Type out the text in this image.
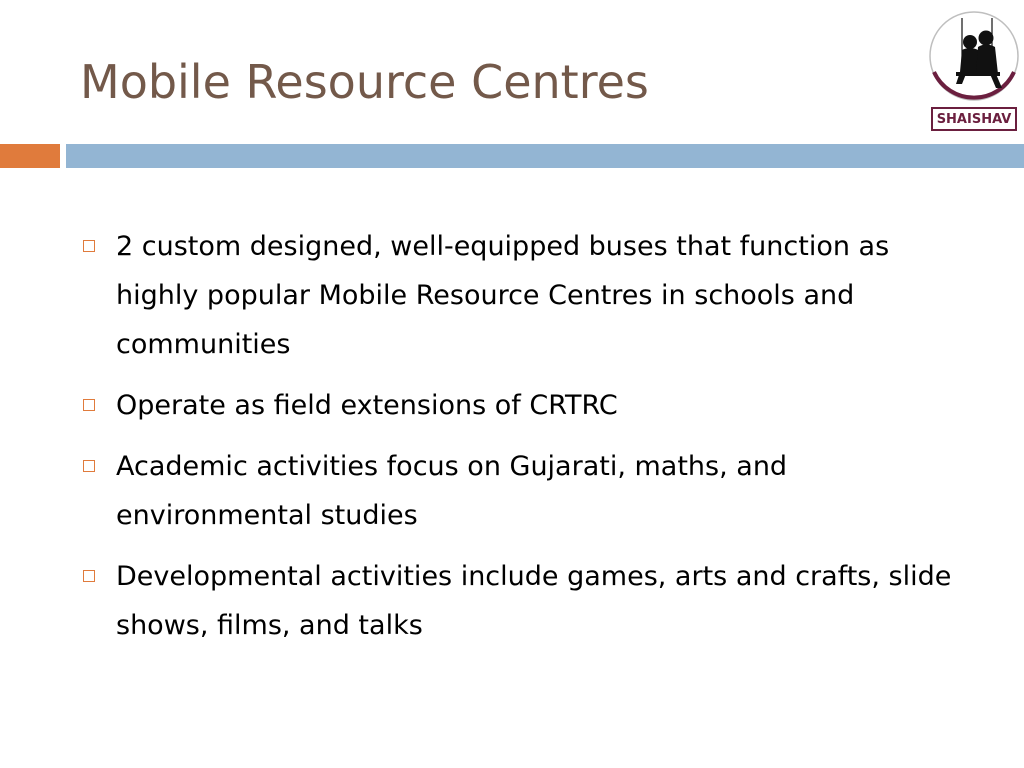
Mobile Resource Centres
SHAISHAV
2 custom designed, well-equipped buses that function as highly popular Mobile Resource Centres in schools and communities
Operate as field extensions of CRTRC
Academic activities focus on Gujarati, maths, and environmental studies
Developmental activities include games, arts and crafts, slide shows, films, and talks
